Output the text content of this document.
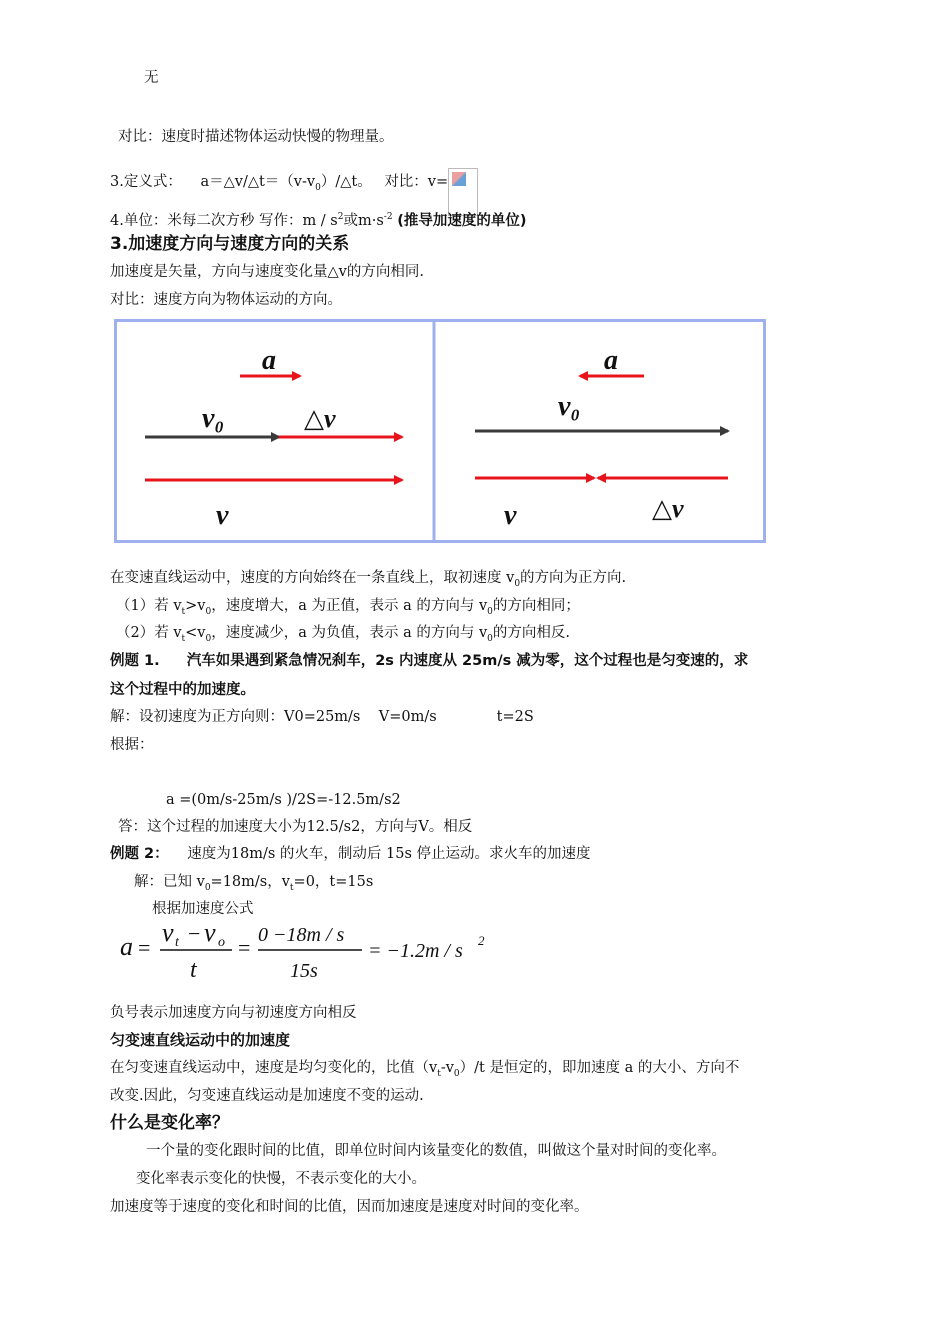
无
对比：速度时描述物体运动快慢的物理量。
3.定义式： $a=\triangle v/\triangle t=(v-v_0)/\triangle t$。 对比：v=
4.单位：米每二次方秒 写作：m / $s^2$或$m\cdot s^{-2}$ (推导加速度的单位)
3.加速度方向与速度方向的关系
加速度是矢量，方向与速度变化量△v的方向相同.
对比：速度方向为物体运动的方向。
a
v₀	△v
v
a
v₀
v	△v
在变速直线运动中，速度的方向始终在一条直线上，取初速度 $v_0$的方向为正方向.
（1）若 $v_t>v_0$，速度增大，a 为正值，表示 a 的方向与 $v_0$的方向相同；
（2）若 $v_t<v_0$，速度减少，a 为负值，表示 a 的方向与 $v_0$的方向相反.
例题 1. 汽车如果遇到紧急情况刹车，2s 内速度从 25m/s 减为零，这个过程也是匀变速的，求
这个过程中的加速度。
解：设初速度为正方向则：V0=25m/s    V=0m/s             t=2S
根据：
a =(0m/s-25m/s )/2S=-12.5m/s2
答：这个过程的加速度大小为12.5/s2，方向与V。相反
例题 2： 速度为18m/s 的火车，制动后 15s 停止运动。求火车的加速度
解：已知 $v_0=18m/s$，$v_t=0$，t=15s
根据加速度公式
a =
v t − v o
t
= 0 −18m / s
15s
= −1.2m / s 2
负号表示加速度方向与初速度方向相反
匀变速直线运动中的加速度
在匀变速直线运动中，速度是均匀变化的，比值$(v_t-v_0)/t$ 是恒定的，即加速度 a 的大小、方向不
改变.因此，匀变速直线运动是加速度不变的运动.
什么是变化率？
一个量的变化跟时间的比值，即单位时间内该量变化的数值，叫做这个量对时间的变化率。
变化率表示变化的快慢，不表示变化的大小。
加速度等于速度的变化和时间的比值，因而加速度是速度对时间的变化率。
